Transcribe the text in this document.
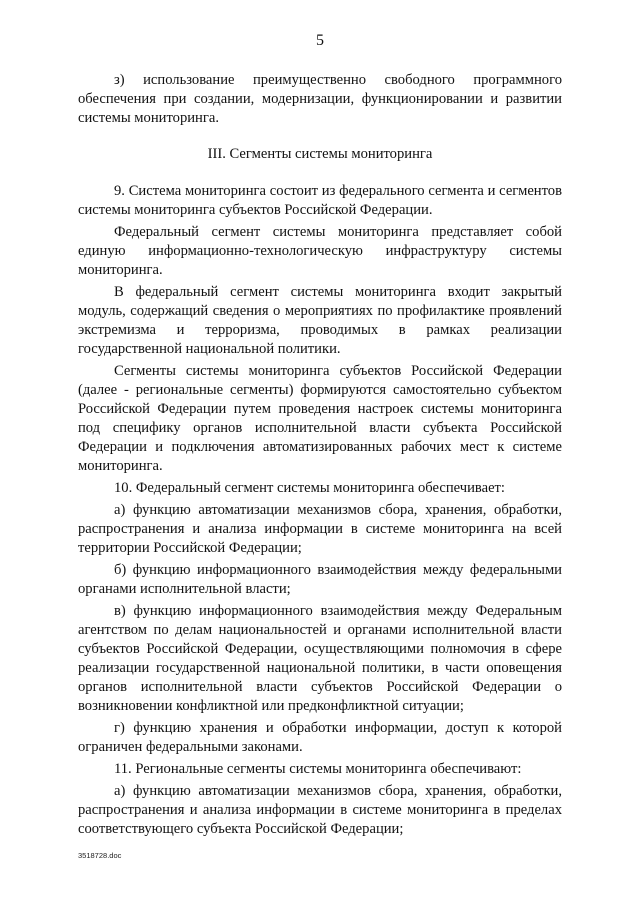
5

з) использование преимущественно свободного программного обеспечения при создании, модернизации, функционировании и развитии системы мониторинга.

III. Сегменты системы мониторинга

9. Система мониторинга состоит из федерального сегмента и сегментов системы мониторинга субъектов Российской Федерации.

Федеральный сегмент системы мониторинга представляет собой единую информационно-технологическую инфраструктуру системы мониторинга.

В федеральный сегмент системы мониторинга входит закрытый модуль, содержащий сведения о мероприятиях по профилактике проявлений экстремизма и терроризма, проводимых в рамках реализации государственной национальной политики.

Сегменты системы мониторинга субъектов Российской Федерации (далее - региональные сегменты) формируются самостоятельно субъектом Российской Федерации путем проведения настроек системы мониторинга под специфику органов исполнительной власти субъекта Российской Федерации и подключения автоматизированных рабочих мест к системе мониторинга.

10. Федеральный сегмент системы мониторинга обеспечивает:

а) функцию автоматизации механизмов сбора, хранения, обработки, распространения и анализа информации в системе мониторинга на всей территории Российской Федерации;

б) функцию информационного взаимодействия между федеральными органами исполнительной власти;

в) функцию информационного взаимодействия между Федеральным агентством по делам национальностей и органами исполнительной власти субъектов Российской Федерации, осуществляющими полномочия в сфере реализации государственной национальной политики, в части оповещения органов исполнительной власти субъектов Российской Федерации о возникновении конфликтной или предконфликтной ситуации;

г) функцию хранения и обработки информации, доступ к которой ограничен федеральными законами.

11. Региональные сегменты системы мониторинга обеспечивают:

а) функцию автоматизации механизмов сбора, хранения, обработки, распространения и анализа информации в системе мониторинга в пределах соответствующего субъекта Российской Федерации;

3518728.doc
